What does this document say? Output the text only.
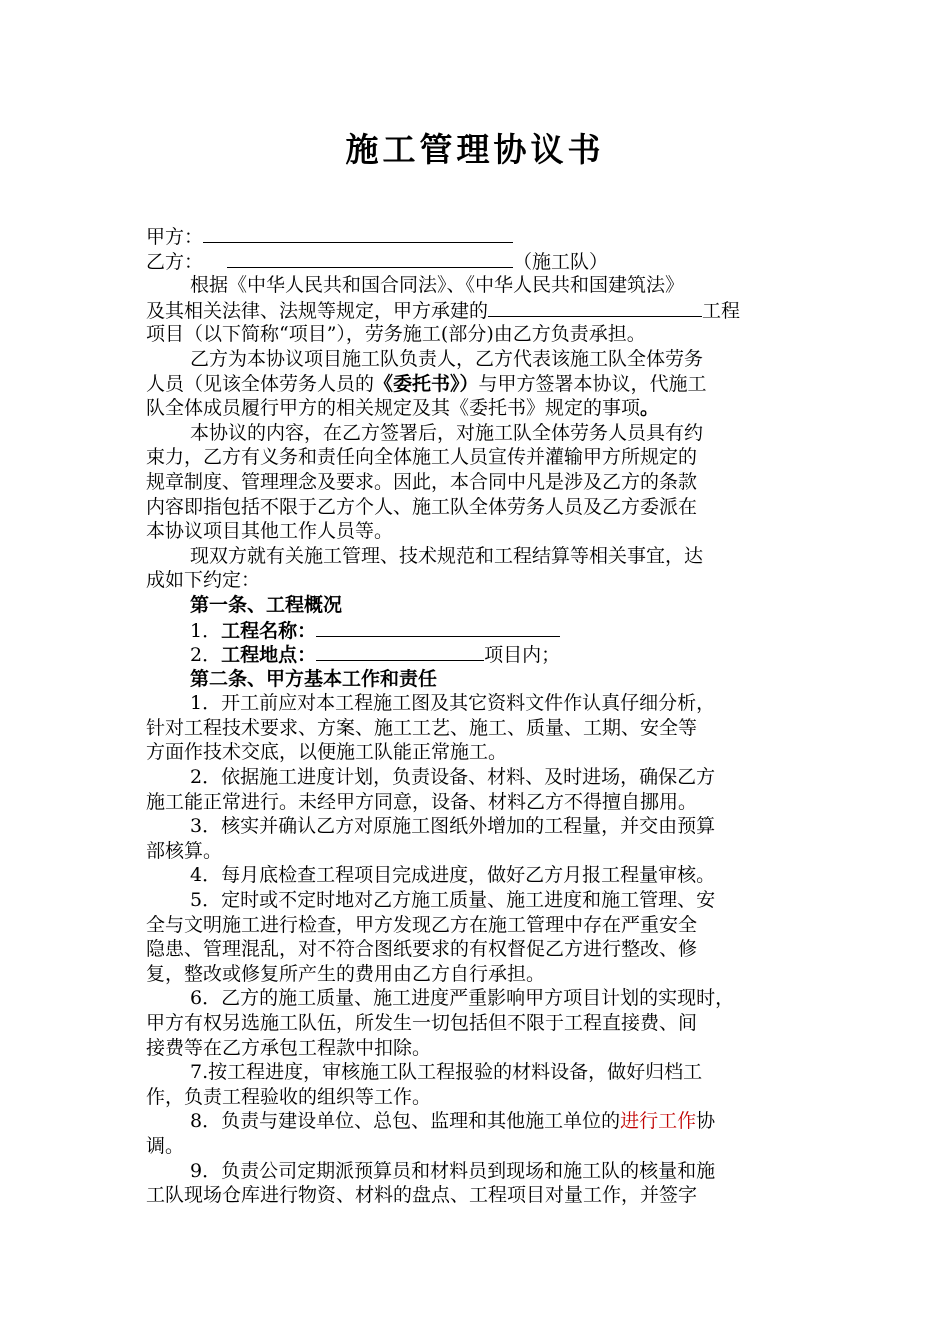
施工管理协议书
甲方：
乙方：	（施工队）
根据《中华人民共和国合同法》、《中华人民共和国建筑法》
及其相关法律、法规等规定，甲方承建的	工程
项目（以下简称“项目”），劳务施工(部分)由乙方负责承担。
乙方为本协议项目施工队负责人，乙方代表该施工队全体劳务
人员（见该全体劳务人员的《委托书》）与甲方签署本协议，代施工
队全体成员履行甲方的相关规定及其《委托书》规定的事项。
本协议的内容，在乙方签署后，对施工队全体劳务人员具有约
束力，乙方有义务和责任向全体施工人员宣传并灌输甲方所规定的
规章制度、管理理念及要求。因此，本合同中凡是涉及乙方的条款
内容即指包括不限于乙方个人、施工队全体劳务人员及乙方委派在
本协议项目其他工作人员等。
现双方就有关施工管理、技术规范和工程结算等相关事宜，达
成如下约定：
第一条、工程概况
1．工程名称：
2．工程地点：	项目内；
第二条、甲方基本工作和责任
1．开工前应对本工程施工图及其它资料文件作认真仔细分析，
针对工程技术要求、方案、施工工艺、施工、质量、工期、安全等
方面作技术交底，以便施工队能正常施工。
2．依据施工进度计划，负责设备、材料、及时进场，确保乙方
施工能正常进行。未经甲方同意，设备、材料乙方不得擅自挪用。
3．核实并确认乙方对原施工图纸外增加的工程量，并交由预算
部核算。
4．每月底检查工程项目完成进度，做好乙方月报工程量审核。
5．定时或不定时地对乙方施工质量、施工进度和施工管理、安
全与文明施工进行检查，甲方发现乙方在施工管理中存在严重安全
隐患、管理混乱，对不符合图纸要求的有权督促乙方进行整改、修
复，整改或修复所产生的费用由乙方自行承担。
6．乙方的施工质量、施工进度严重影响甲方项目计划的实现时，
甲方有权另选施工队伍，所发生一切包括但不限于工程直接费、间
接费等在乙方承包工程款中扣除。
7.按工程进度，审核施工队工程报验的材料设备，做好归档工
作，负责工程验收的组织等工作。
8．负责与建设单位、总包、监理和其他施工单位的进行工作协
调。
9．负责公司定期派预算员和材料员到现场和施工队的核量和施
工队现场仓库进行物资、材料的盘点、工程项目对量工作，并签字
